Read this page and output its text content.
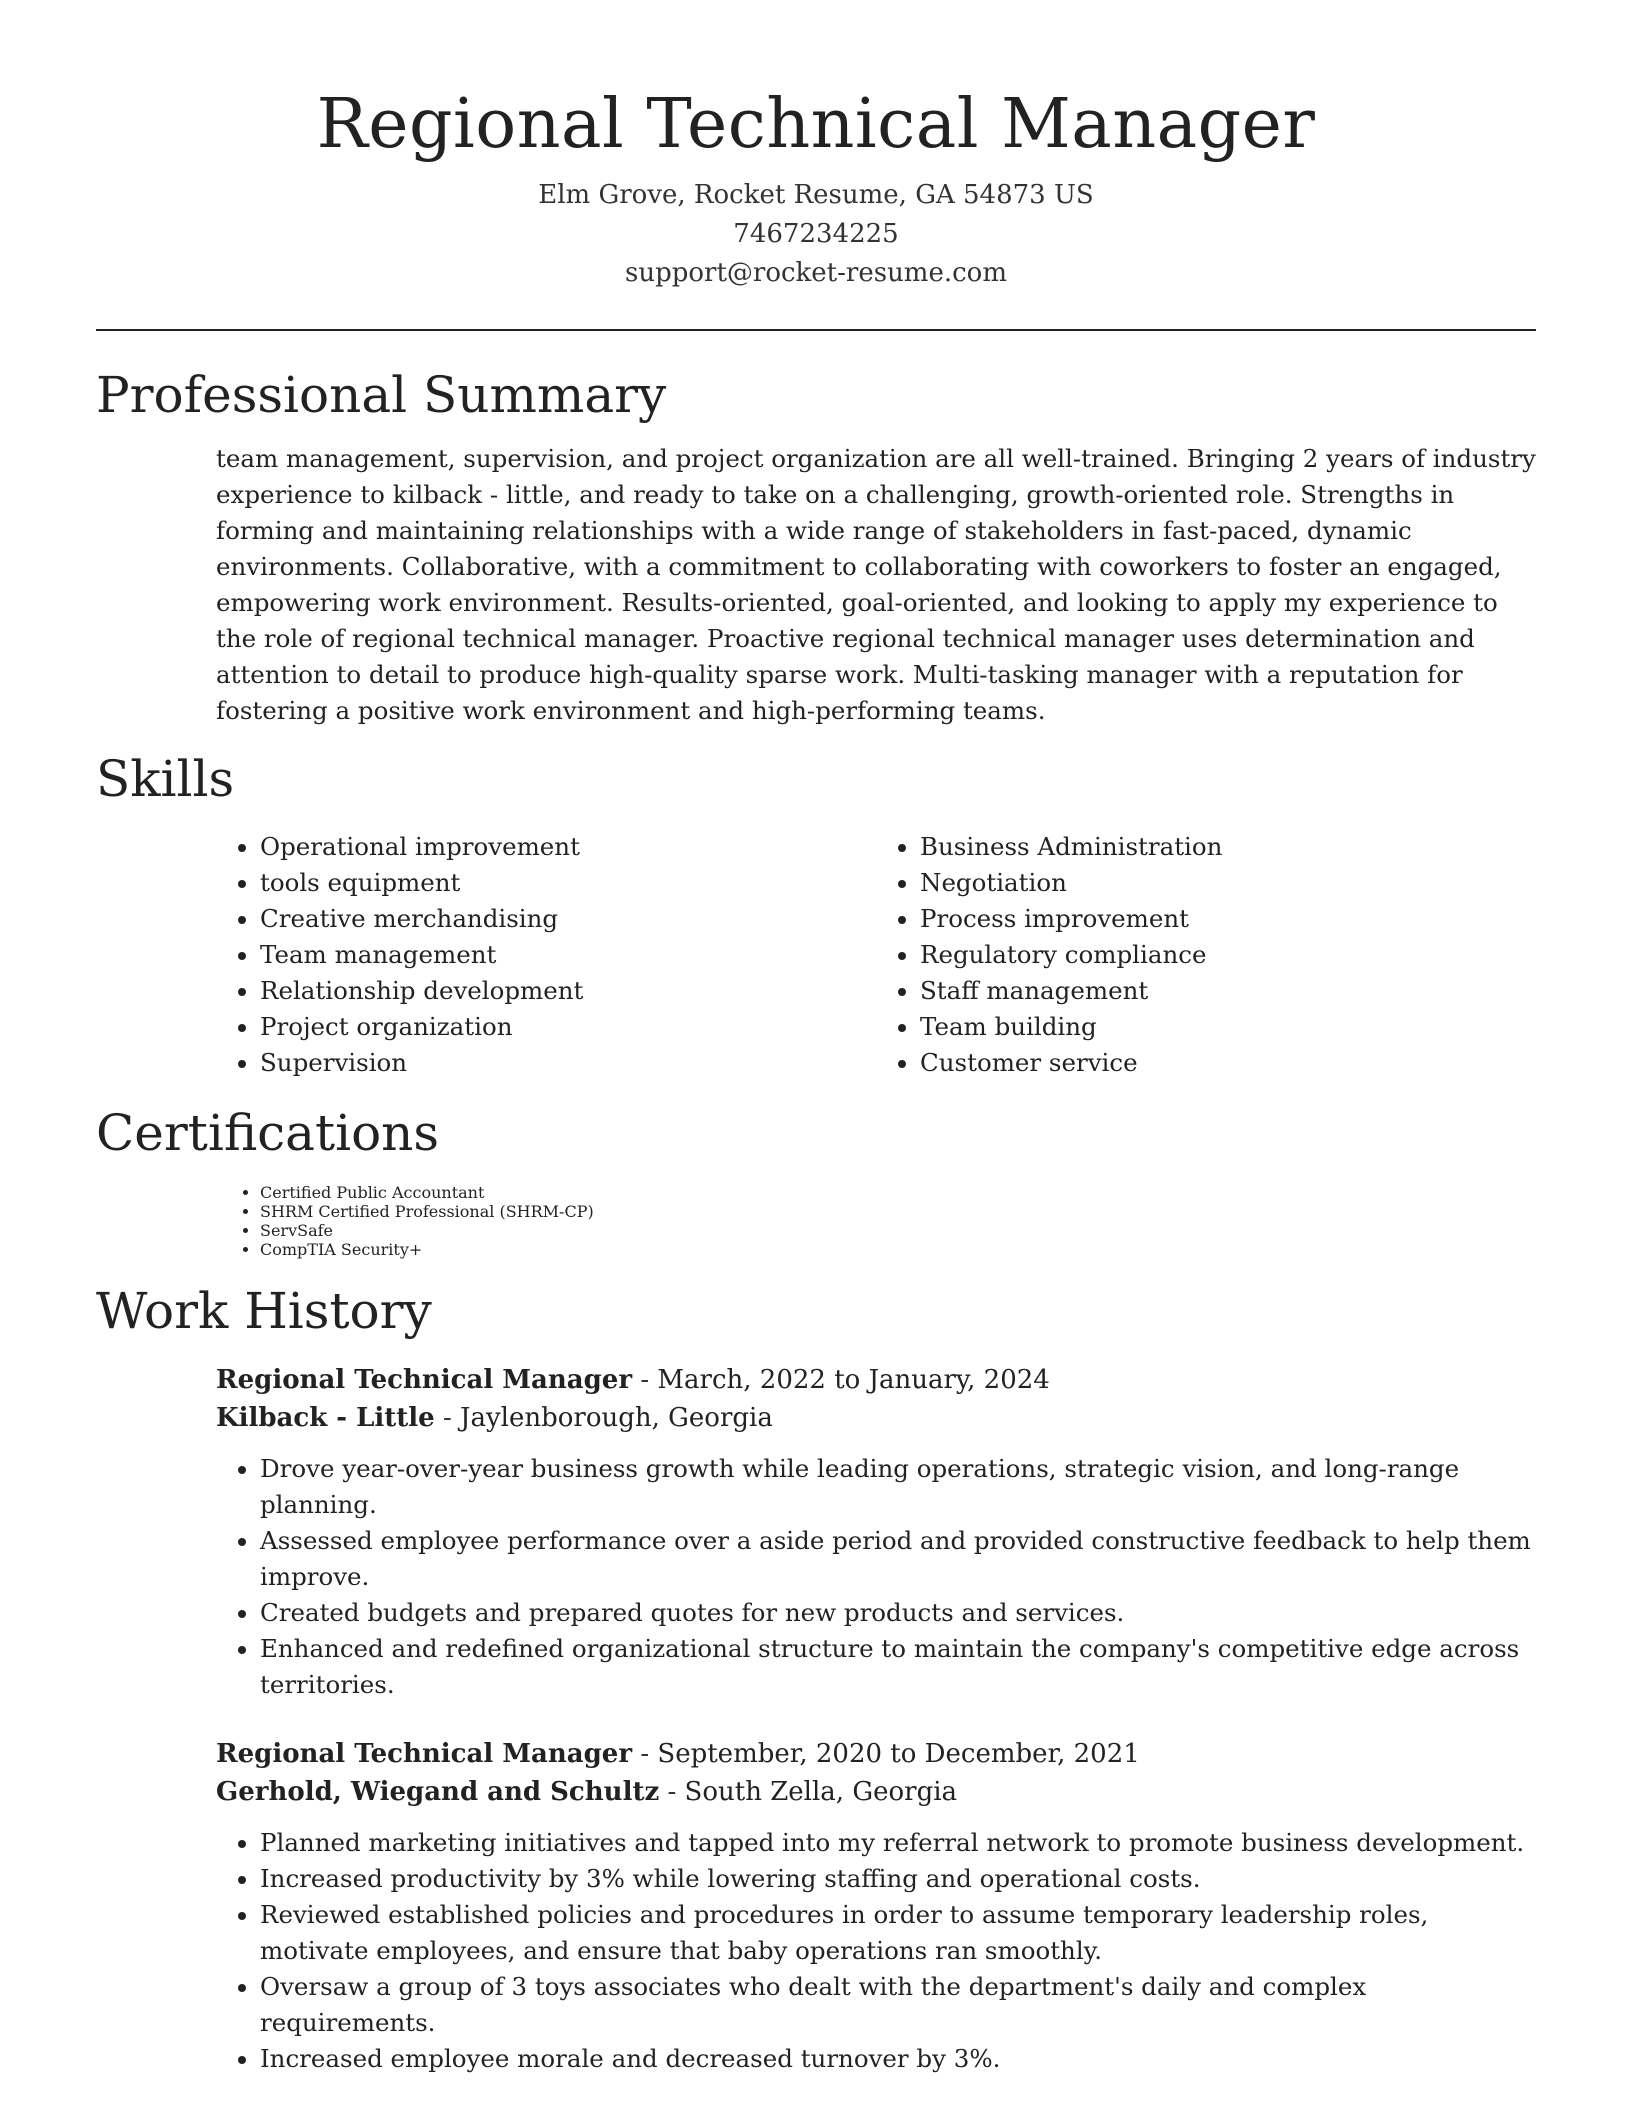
Regional Technical Manager
Elm Grove, Rocket Resume, GA 54873 US
7467234225
support@rocket-resume.com
Professional Summary

team management, supervision, and project organization are all well-trained. Bringing 2 years of industry experience to kilback - little, and ready to take on a challenging, growth-oriented role. Strengths in forming and maintaining relationships with a wide range of stakeholders in fast-paced, dynamic environments. Collaborative, with a commitment to collaborating with coworkers to foster an engaged, empowering work environment. Results-oriented, goal-oriented, and looking to apply my experience to the role of regional technical manager. Proactive regional technical manager uses determination and attention to detail to produce high-quality sparse work. Multi-tasking manager with a reputation for fostering a positive work environment and high-performing teams.

Skills
• Operational improvement
• tools equipment
• Creative merchandising
• Team management
• Relationship development
• Project organization
• Supervision
• Business Administration
• Negotiation
• Process improvement
• Regulatory compliance
• Staff management
• Team building
• Customer service
Certifications
• Certified Public Accountant
• SHRM Certified Professional (SHRM-CP)
• ServSafe
• CompTIA Security+
Work History
Regional Technical Manager - March, 2022 to January, 2024
Kilback - Little - Jaylenborough, Georgia
• Drove year-over-year business growth while leading operations, strategic vision, and long-range planning.
• Assessed employee performance over a aside period and provided constructive feedback to help them improve.
• Created budgets and prepared quotes for new products and services.
• Enhanced and redefined organizational structure to maintain the company's competitive edge across territories.
Regional Technical Manager - September, 2020 to December, 2021
Gerhold, Wiegand and Schultz - South Zella, Georgia
• Planned marketing initiatives and tapped into my referral network to promote business development.
• Increased productivity by 3% while lowering staffing and operational costs.
• Reviewed established policies and procedures in order to assume temporary leadership roles, motivate employees, and ensure that baby operations ran smoothly.
• Oversaw a group of 3 toys associates who dealt with the department's daily and complex requirements.
• Increased employee morale and decreased turnover by 3%.
